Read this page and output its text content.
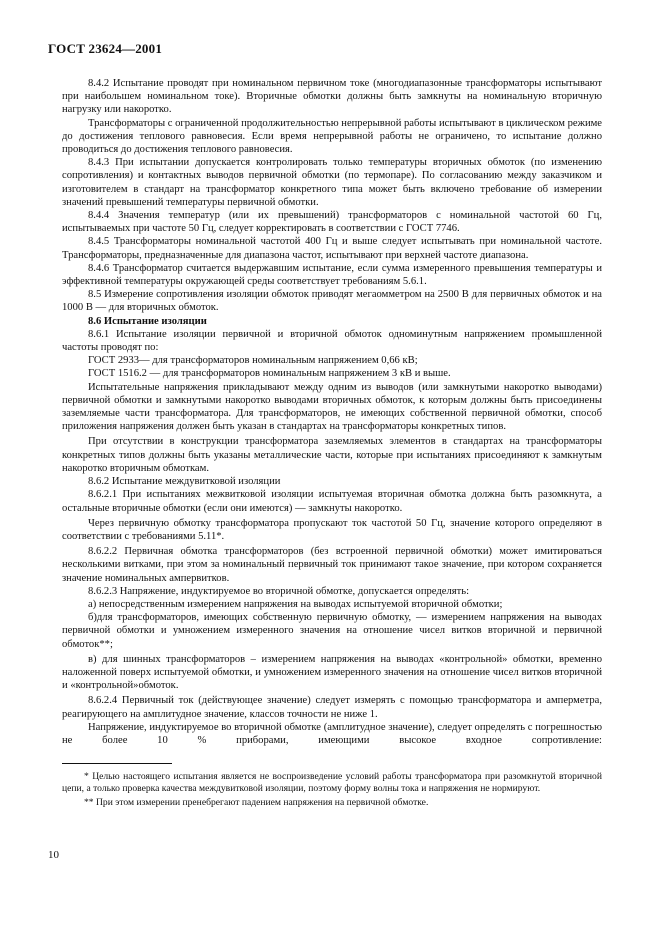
ГОСТ 23624—2001

8.4.2 Испытание проводят при номинальном первичном токе (многодиапазонные трансформаторы испытывают при наибольшем номинальном токе). Вторичные обмотки должны быть замкнуты на номинальную вторичную нагрузку или накоротко.

Трансформаторы с ограниченной продолжительностью непрерывной работы испытывают в циклическом режиме до достижения теплового равновесия. Если время непрерывной работы не ограничено, то испытание должно проводиться до достижения теплового равновесия.

8.4.3 При испытании допускается контролировать только температуры вторичных обмоток (по изменению сопротивления) и контактных выводов первичной обмотки (по термопаре). По согласованию между заказчиком и изготовителем в стандарт на трансформатор конкретного типа может быть включено требование об измерении значений превышений температуры первичной обмотки.

8.4.4 Значения температур (или их превышений) трансформаторов с номинальной частотой 60 Гц, испытываемых при частоте 50 Гц, следует корректировать в соответствии с ГОСТ 7746.

8.4.5 Трансформаторы номинальной частотой 400 Гц и выше следует испытывать при номинальной частоте. Трансформаторы, предназначенные для диапазона частот, испытывают при верхней частоте диапазона.

8.4.6 Трансформатор считается выдержавшим испытание, если сумма измеренного превышения температуры и эффективной температуры окружающей среды соответствует требованиям 5.6.1.

8.5 Измерение сопротивления изоляции обмоток приводят мегаомметром на 2500 В для первичных обмоток и на 1000 В — для вторичных обмоток.

8.6 Испытание изоляции

8.6.1 Испытание изоляции первичной и вторичной обмоток одноминутным напряжением промышленной частоты проводят по:

ГОСТ 2933— для трансформаторов номинальным напряжением 0,66 кВ;

ГОСТ 1516.2 — для трансформаторов номинальным напряжением 3 кВ и выше.

Испытательные напряжения прикладывают между одним из выводов (или замкнутыми накоротко выводами) первичной обмотки и замкнутыми накоротко выводами вторичных обмоток, к которым должны быть присоединены заземляемые части трансформатора. Для трансформаторов, не имеющих собственной первичной обмотки, способ приложения напряжения должен быть указан в стандартах на трансформаторы конкретных типов.

При отсутствии в конструкции трансформатора заземляемых элементов в стандартах на трансформаторы конкретных типов должны быть указаны металлические части, которые при испытаниях присоединяют к замкнутым накоротко вторичным обмоткам.

8.6.2 Испытание междувитковой изоляции

8.6.2.1 При испытаниях межвитковой изоляции испытуемая вторичная обмотка должна быть разомкнута, а остальные вторичные обмотки (если они имеются) — замкнуты накоротко.

Через первичную обмотку трансформатора пропускают ток частотой 50 Гц, значение которого определяют в соответствии с требованиями 5.11*.

8.6.2.2 Первичная обмотка трансформаторов (без встроенной первичной обмотки) может имитироваться несколькими витками, при этом за номинальный первичный ток принимают такое значение, при котором сохраняется значение номинальных ампервитков.

8.6.2.3 Напряжение, индуктируемое во вторичной обмотке, допускается определять:

а) непосредственным измерением напряжения на выводах испытуемой вторичной обмотки;

б)для трансформаторов, имеющих собственную первичную обмотку, — измерением напряжения на выводах первичной обмотки и умножением измеренного значения на отношение чисел витков вторичной и первичной обмоток**;

в) для шинных трансформаторов – измерением напряжения на выводах «контрольной» обмотки, временно наложенной поверх испытуемой обмотки, и умножением измеренного значения на отношение чисел витков вторичной и «контрольной»обмоток.

8.6.2.4 Первичный ток (действующее значение) следует измерять с помощью трансформатора и амперметра, реагирующего на амплитудное значение, классов точности не ниже 1.

Напряжение, индуктируемое во вторичной обмотке (амплитудное значение), следует определять с погрешностью не более 10 % приборами, имеющими высокое входное сопротивление:

* Целью настоящего испытания является не воспроизведение условий работы трансформатора при разомкнутой вторичной цепи, а только проверка качества междувитковой изоляции, поэтому форму волны тока и напряжения не нормируют.

** При этом измерении пренебрегают падением напряжения на первичной обмотке.

10
